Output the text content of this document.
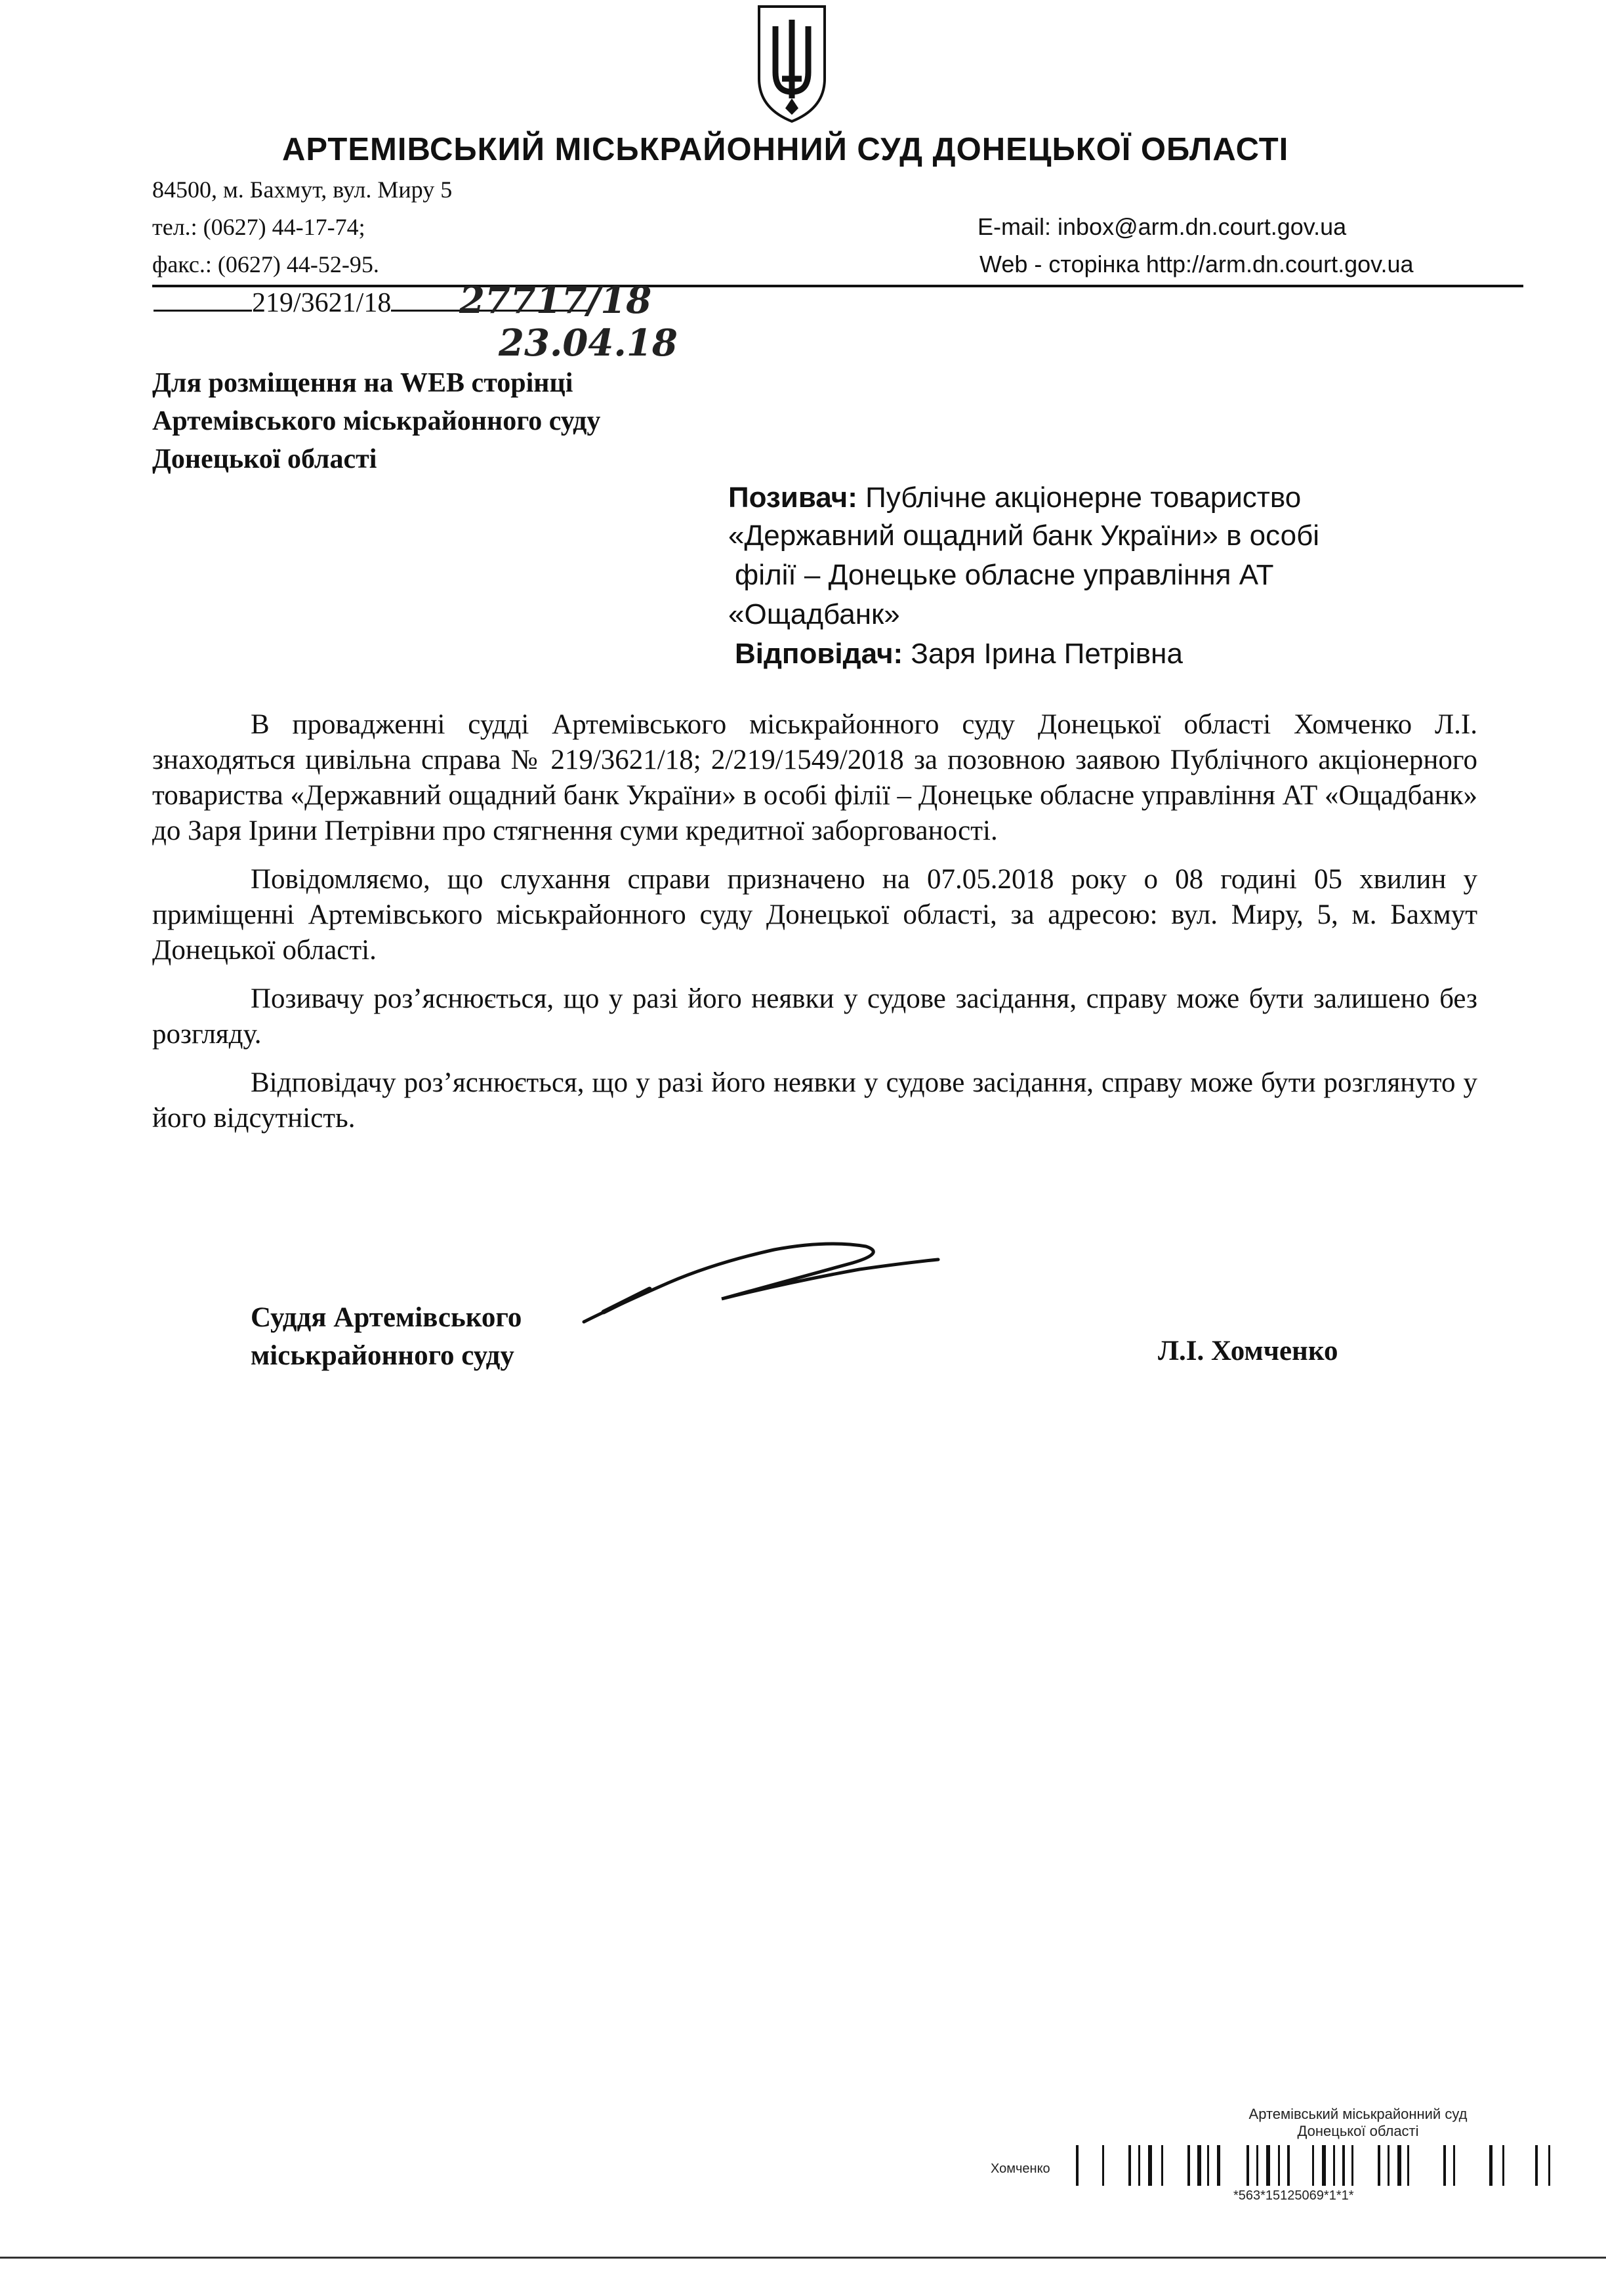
АРТЕМІВСЬКИЙ МІСЬКРАЙОННИЙ СУД ДОНЕЦЬКОЇ ОБЛАСТІ
84500, м. Бахмут, вул. Миру 5
тел.: (0627) 44-17-74;
факс.: (0627) 44-52-95.
E-mail: inbox@arm.dn.court.gov.ua
Web - сторінка http://arm.dn.court.gov.ua
219/3621/18	27717/18
23.04.18
Для розміщення на WEB сторінці
Артемівського міськрайонного суду
Донецької області
Позивач: Публічне акціонерне товариство
«Державний ощадний банк України» в особі
філії – Донецьке обласне управління АТ
«Ощадбанк»
Відповідач: Заря Ірина Петрівна

В провадженні судді Артемівського міськрайонного суду Донецької області Хомченко Л.І. знаходяться цивільна справа № 219/3621/18; 2/219/1549/2018 за позовною заявою Публічного акціонерного товариства «Державний ощадний банк України» в особі філії – Донецьке обласне управління АТ «Ощадбанк» до Заря Ірини Петрівни про стягнення суми кредитної заборгованості.

Повідомляємо, що слухання справи призначено на 07.05.2018 року о 08 годині 05 хвилин у приміщенні Артемівського міськрайонного суду Донецької області, за адресою: вул. Миру, 5, м. Бахмут Донецької області.

Позивачу роз’яснюється, що у разі його неявки у судове засідання, справу може бути залишено без розгляду.

Відповідачу роз’яснюється, що у разі його неявки у судове засідання, справу може бути розглянуто у його відсутність.

Суддя Артемівського
міськрайонного суду	Л.І. Хомченко
Артемівський міськрайонний суд
Донецької області
Хомченко
*563*15125069*1*1*
